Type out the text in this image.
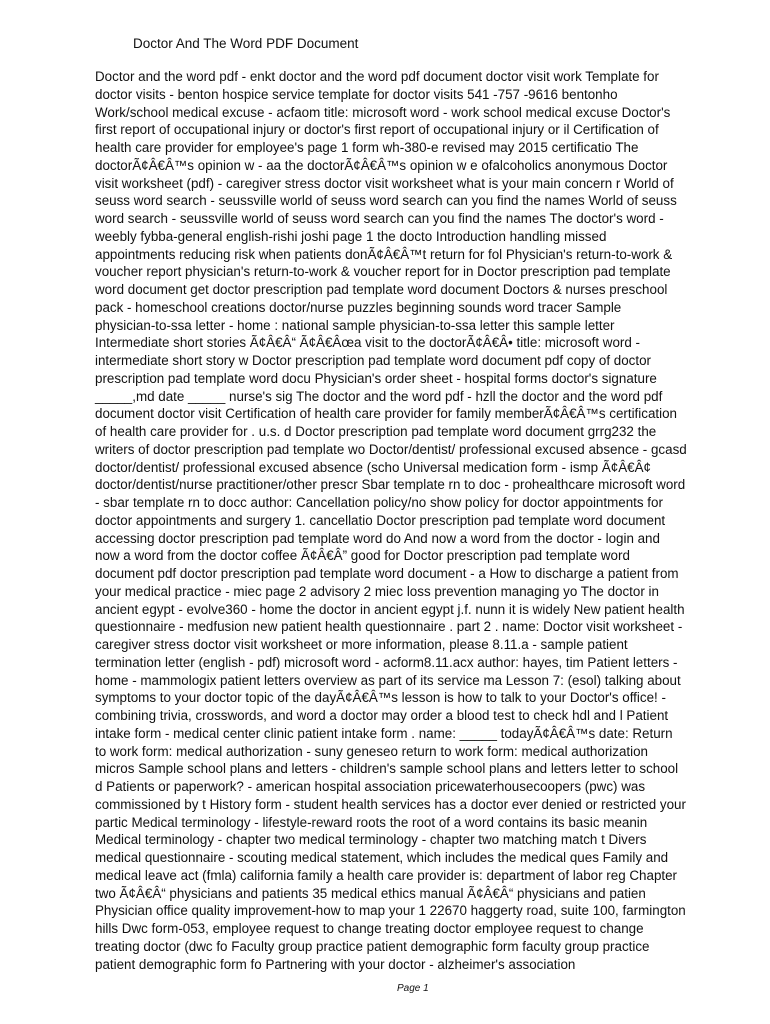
Doctor And The Word PDF Document
Doctor and the word pdf - enkt doctor and the word pdf document doctor visit work Template for
doctor visits - benton hospice service template for doctor visits 541 -757 -9616 bentonho
Work/school medical excuse - acfaom title: microsoft word - work school medical excuse Doctor's
first report of occupational injury or doctor's first report of occupational injury or il Certification of
health care provider for employee's page 1 form wh-380-e revised may 2015 certificatio The
doctorÃ¢Â€Â™s opinion w - aa the doctorÃ¢Â€Â™s opinion w e ofalcoholics anonymous Doctor
visit worksheet (pdf) - caregiver stress doctor visit worksheet what is your main concern r World of
seuss word search - seussville world of seuss word search can you find the names World of seuss
word search - seussville world of seuss word search can you find the names The doctor's word -
weebly fybba-general english-rishi joshi page 1 the docto Introduction handling missed
appointments reducing risk when patients donÃ¢Â€Â™t return for fol Physician's return-to-work &
voucher report physician's return-to-work & voucher report for in Doctor prescription pad template
word document get doctor prescription pad template word document Doctors & nurses preschool
pack - homeschool creations doctor/nurse puzzles beginning sounds word tracer Sample
physician-to-ssa letter - home : national sample physician-to-ssa letter this sample letter
Intermediate short stories Ã¢Â€Â“ Ã¢Â€Âœa visit to the doctorÃ¢Â€Â• title: microsoft word -
intermediate short story w Doctor prescription pad template word document pdf copy of doctor
prescription pad template word docu Physician's order sheet - hospital forms doctor's signature
_____,md date _____ nurse's sig The doctor and the word pdf - hzll the doctor and the word pdf
document doctor visit Certification of health care provider for family memberÃ¢Â€Â™s certification
of health care provider for . u.s. d Doctor prescription pad template word document grrg232 the
writers of doctor prescription pad template wo Doctor/dentist/ professional excused absence - gcasd
doctor/dentist/ professional excused absence (scho Universal medication form - ismp Ã¢Â€Â¢
doctor/dentist/nurse practitioner/other prescr Sbar template rn to doc - prohealthcare microsoft word
- sbar template rn to docc author: Cancellation policy/no show policy for doctor appointments for
doctor appointments and surgery 1. cancellatio Doctor prescription pad template word document
accessing doctor prescription pad template word do And now a word from the doctor - login and
now a word from the doctor coffee Ã¢Â€Â” good for Doctor prescription pad template word
document pdf doctor prescription pad template word document - a How to discharge a patient from
your medical practice - miec page 2 advisory 2 miec loss prevention managing yo The doctor in
ancient egypt - evolve360 - home the doctor in ancient egypt j.f. nunn it is widely New patient health
questionnaire - medfusion new patient health questionnaire . part 2 . name: Doctor visit worksheet -
caregiver stress doctor visit worksheet or more information, please 8.11.a - sample patient
termination letter (english - pdf) microsoft word - acform8.11.acx author: hayes, tim Patient letters -
home - mammologix patient letters overview as part of its service ma Lesson 7: (esol) talking about
symptoms to your doctor topic of the dayÃ¢Â€Â™s lesson is how to talk to your Doctor's office! -
combining trivia, crosswords, and word a doctor may order a blood test to check hdl and l Patient
intake form - medical center clinic patient intake form . name: _____ todayÃ¢Â€Â™s date: Return
to work form: medical authorization - suny geneseo return to work form: medical authorization
micros Sample school plans and letters - children's sample school plans and letters letter to school
d Patients or paperwork? - american hospital association pricewaterhousecoopers (pwc) was
commissioned by t History form - student health services has a doctor ever denied or restricted your
partic Medical terminology - lifestyle-reward roots the root of a word contains its basic meanin
Medical terminology - chapter two medical terminology - chapter two matching match t Divers
medical questionnaire - scouting medical statement, which includes the medical ques Family and
medical leave act (fmla) california family a health care provider is: department of labor reg Chapter
two Ã¢Â€Â“ physicians and patients 35 medical ethics manual Ã¢Â€Â“ physicians and patien
Physician office quality improvement-how to map your 1 22670 haggerty road, suite 100, farmington
hills Dwc form-053, employee request to change treating doctor employee request to change
treating doctor (dwc fo Faculty group practice patient demographic form faculty group practice
patient demographic form fo Partnering with your doctor - alzheimer's association
Page 1
